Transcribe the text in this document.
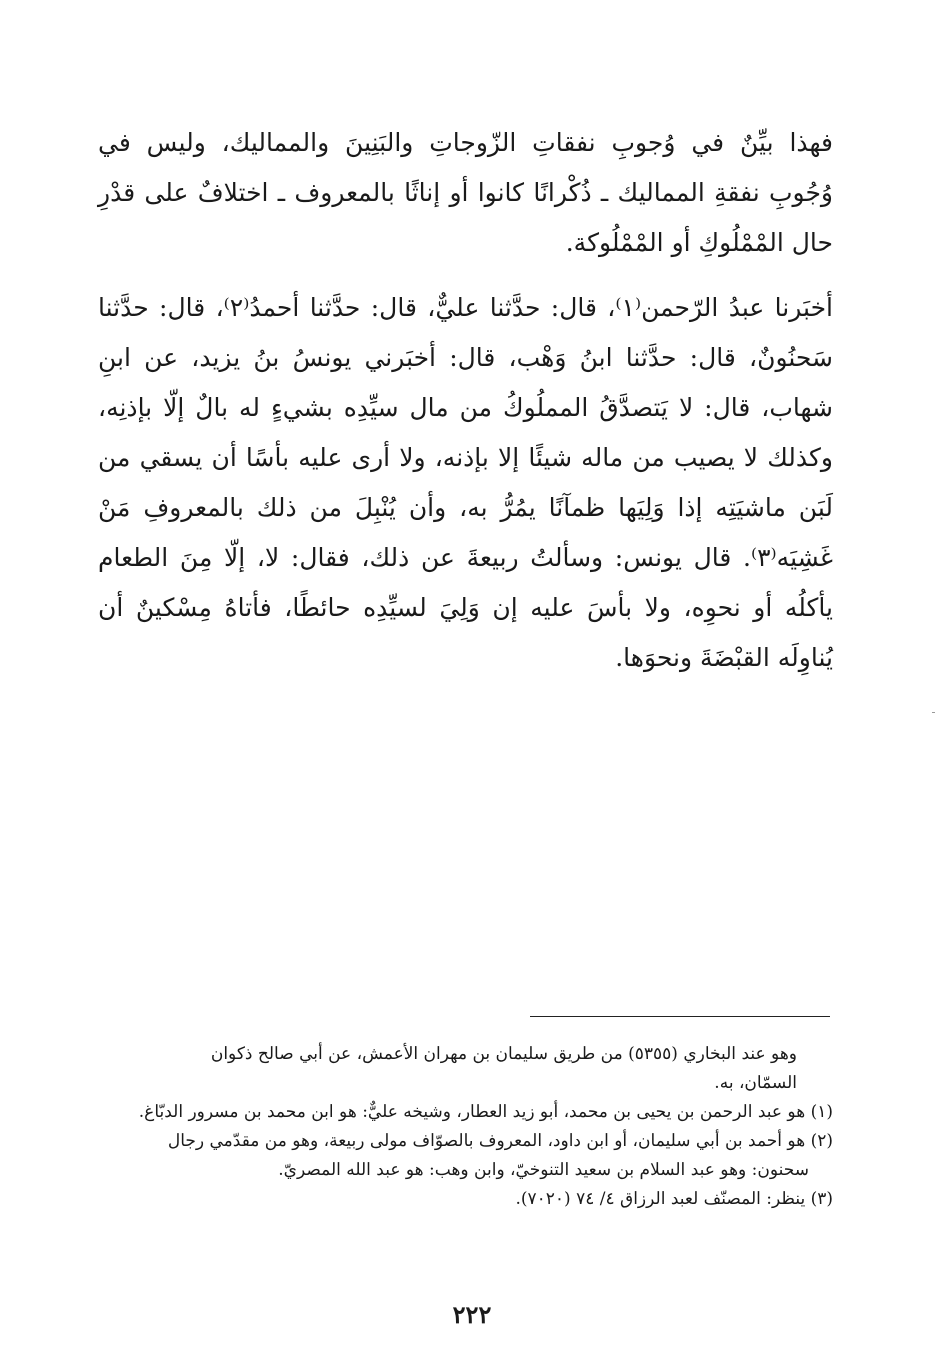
فهذا بيِّنٌ في وُجوبِ نفقاتِ الزّوجاتِ والبَنِينَ والمماليك، وليس في وُجُوبِ نفقةِ المماليك ـ ذُكْرانًا كانوا أو إناثًا بالمعروف ـ اختلافٌ على قدْرِ حال المْمْلُوكِ أو المْمْلُوكة.

أخبَرنا عبدُ الرّحمن⁽١⁾، قال: حدَّثنا عليٌّ، قال: حدَّثنا أحمدُ⁽٢⁾، قال: حدَّثنا سَحنُونٌ، قال: حدَّثنا ابنُ وَهْب، قال: أخبَرني يونسُ بنُ يزيد، عن ابنِ شهاب، قال: لا يَتصدَّقُ المملُوكُ من مال سيِّدِه بشيءٍ له بالٌ إلّا بإذنِه، وكذلك لا يصيب من ماله شيئًا إلا بإذنه، ولا أرى عليه بأسًا أن يسقي من لَبَن ماشيَتِه إذا وَلِيَها ظمآنًا يمُرُّ به، وأن يُنْبِلَ من ذلك بالمعروفِ مَنْ غَشِيَه⁽٣⁾. قال يونس: وسألتُ ربيعةَ عن ذلك، فقال: لا، إلّا مِنَ الطعام يأكلُه أو نحوِه، ولا بأسَ عليه إن وَلِيَ لسيِّدِه حائطًا، فأتاهُ مِسْكينٌ أن يُناوِلَه القبْضَةَ ونحوَها.

وهو عند البخاري (٥٣٥٥) من طريق سليمان بن مهران الأعمش، عن أبي صالح ذكوان

السمّان، به.

(١) هو عبد الرحمن بن يحيى بن محمد، أبو زيد العطار، وشيخه عليٌّ: هو ابن محمد بن مسرور الدبّاغ.

(٢) هو أحمد بن أبي سليمان، أو ابن داود، المعروف بالصوّاف مولى ربيعة، وهو من مقدّمي رجال

سحنون: وهو عبد السلام بن سعيد التنوخيّ، وابن وهب: هو عبد الله المصريّ.

(٣) ينظر: المصنّف لعبد الرزاق ٤/ ٧٤ (٧٠٢٠).

٢٢٢
